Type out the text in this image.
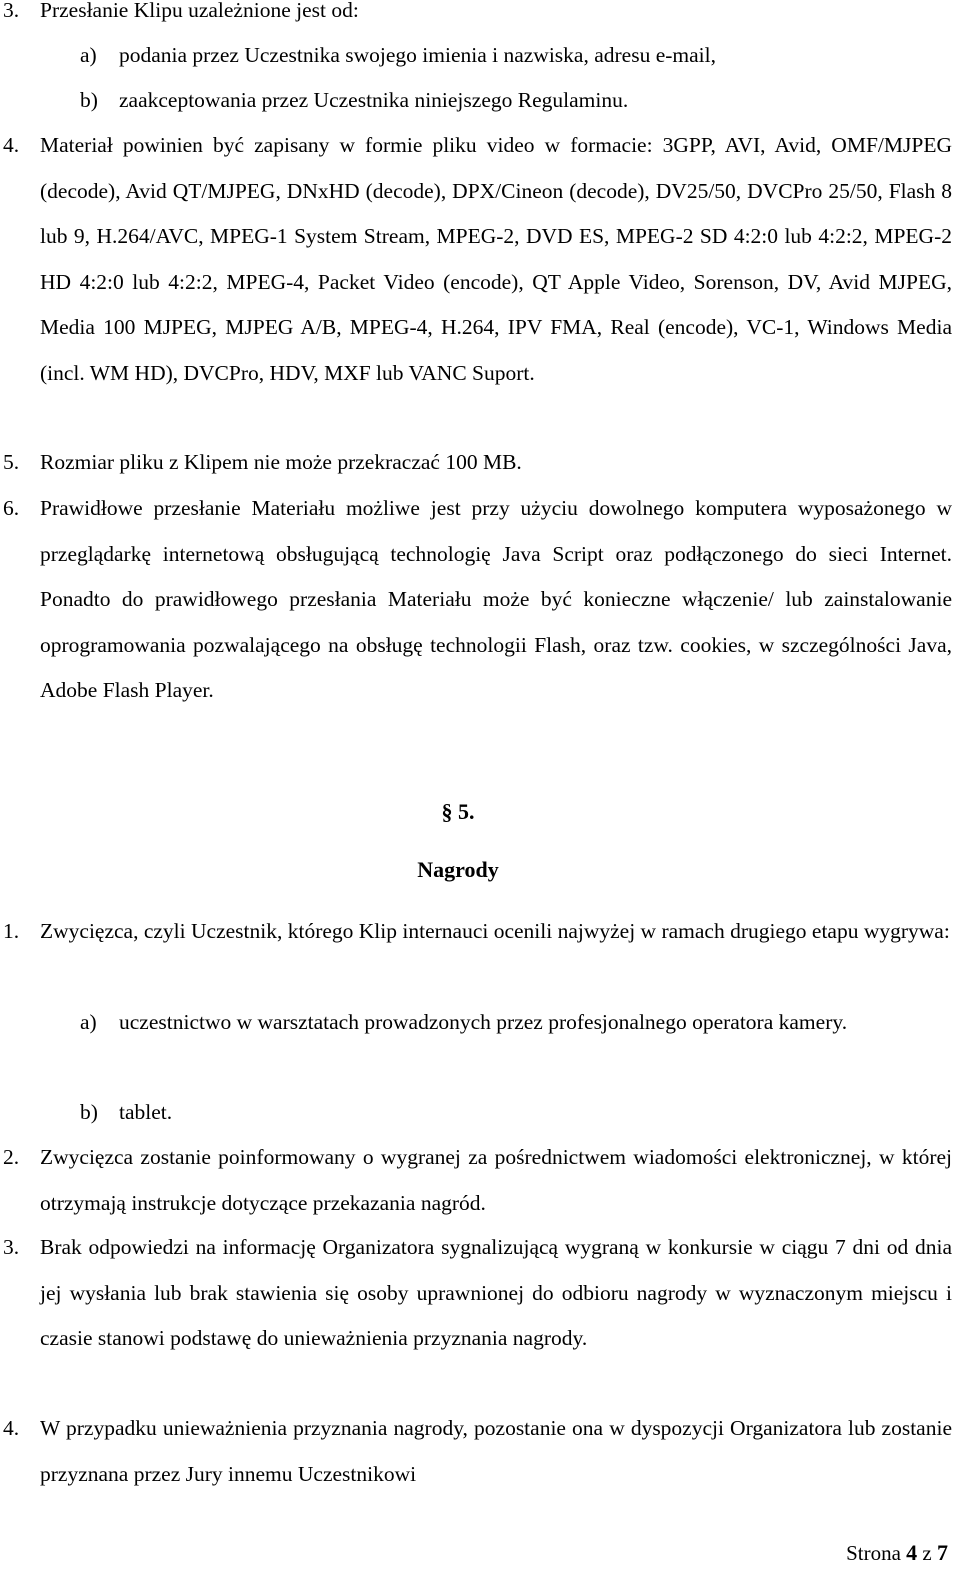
3. Przesłanie Klipu uzależnione jest od:
a) podania przez Uczestnika swojego imienia i nazwiska, adresu e-mail,
b) zaakceptowania przez Uczestnika niniejszego Regulaminu.
4. Materiał powinien być zapisany w formie pliku video w formacie: 3GPP, AVI, Avid, OMF/MJPEG (decode), Avid QT/MJPEG, DNxHD (decode), DPX/Cineon (decode), DV25/50, DVCPro 25/50, Flash 8 lub 9, H.264/AVC, MPEG-1 System Stream, MPEG-2, DVD ES, MPEG-2 SD 4:2:0 lub 4:2:2, MPEG-2 HD 4:2:0 lub 4:2:2, MPEG-4, Packet Video (encode), QT Apple Video, Sorenson, DV, Avid MJPEG, Media 100 MJPEG, MJPEG A/B, MPEG-4, H.264, IPV FMA, Real (encode), VC-1, Windows Media (incl. WM HD), DVCPro, HDV, MXF lub VANC Suport.
5. Rozmiar pliku z Klipem nie może przekraczać 100 MB.
6. Prawidłowe przesłanie Materiału możliwe jest przy użyciu dowolnego komputera wyposażonego w przeglądarkę internetową obsługującą technologię Java Script oraz podłączonego do sieci Internet. Ponadto do prawidłowego przesłania Materiału może być konieczne włączenie/ lub zainstalowanie oprogramowania pozwalającego na obsługę technologii Flash, oraz tzw. cookies, w szczególności Java, Adobe Flash Player.
§ 5.
Nagrody
1. Zwycięzca, czyli Uczestnik, którego Klip internauci ocenili najwyżej w ramach drugiego etapu wygrywa:
a) uczestnictwo w warsztatach prowadzonych przez profesjonalnego operatora kamery.
b) tablet.
2. Zwycięzca zostanie poinformowany o wygranej za pośrednictwem wiadomości elektronicznej, w której otrzymają instrukcje dotyczące przekazania nagród.
3. Brak odpowiedzi na informację Organizatora sygnalizującą wygraną w konkursie w ciągu 7 dni od dnia jej wysłania lub brak stawienia się osoby uprawnionej do odbioru nagrody w wyznaczonym miejscu i czasie stanowi podstawę do unieważnienia przyznania nagrody.
4. W przypadku unieważnienia przyznania nagrody, pozostanie ona w dyspozycji Organizatora lub zostanie przyznana przez Jury innemu Uczestnikowi
Strona 4 z 7
